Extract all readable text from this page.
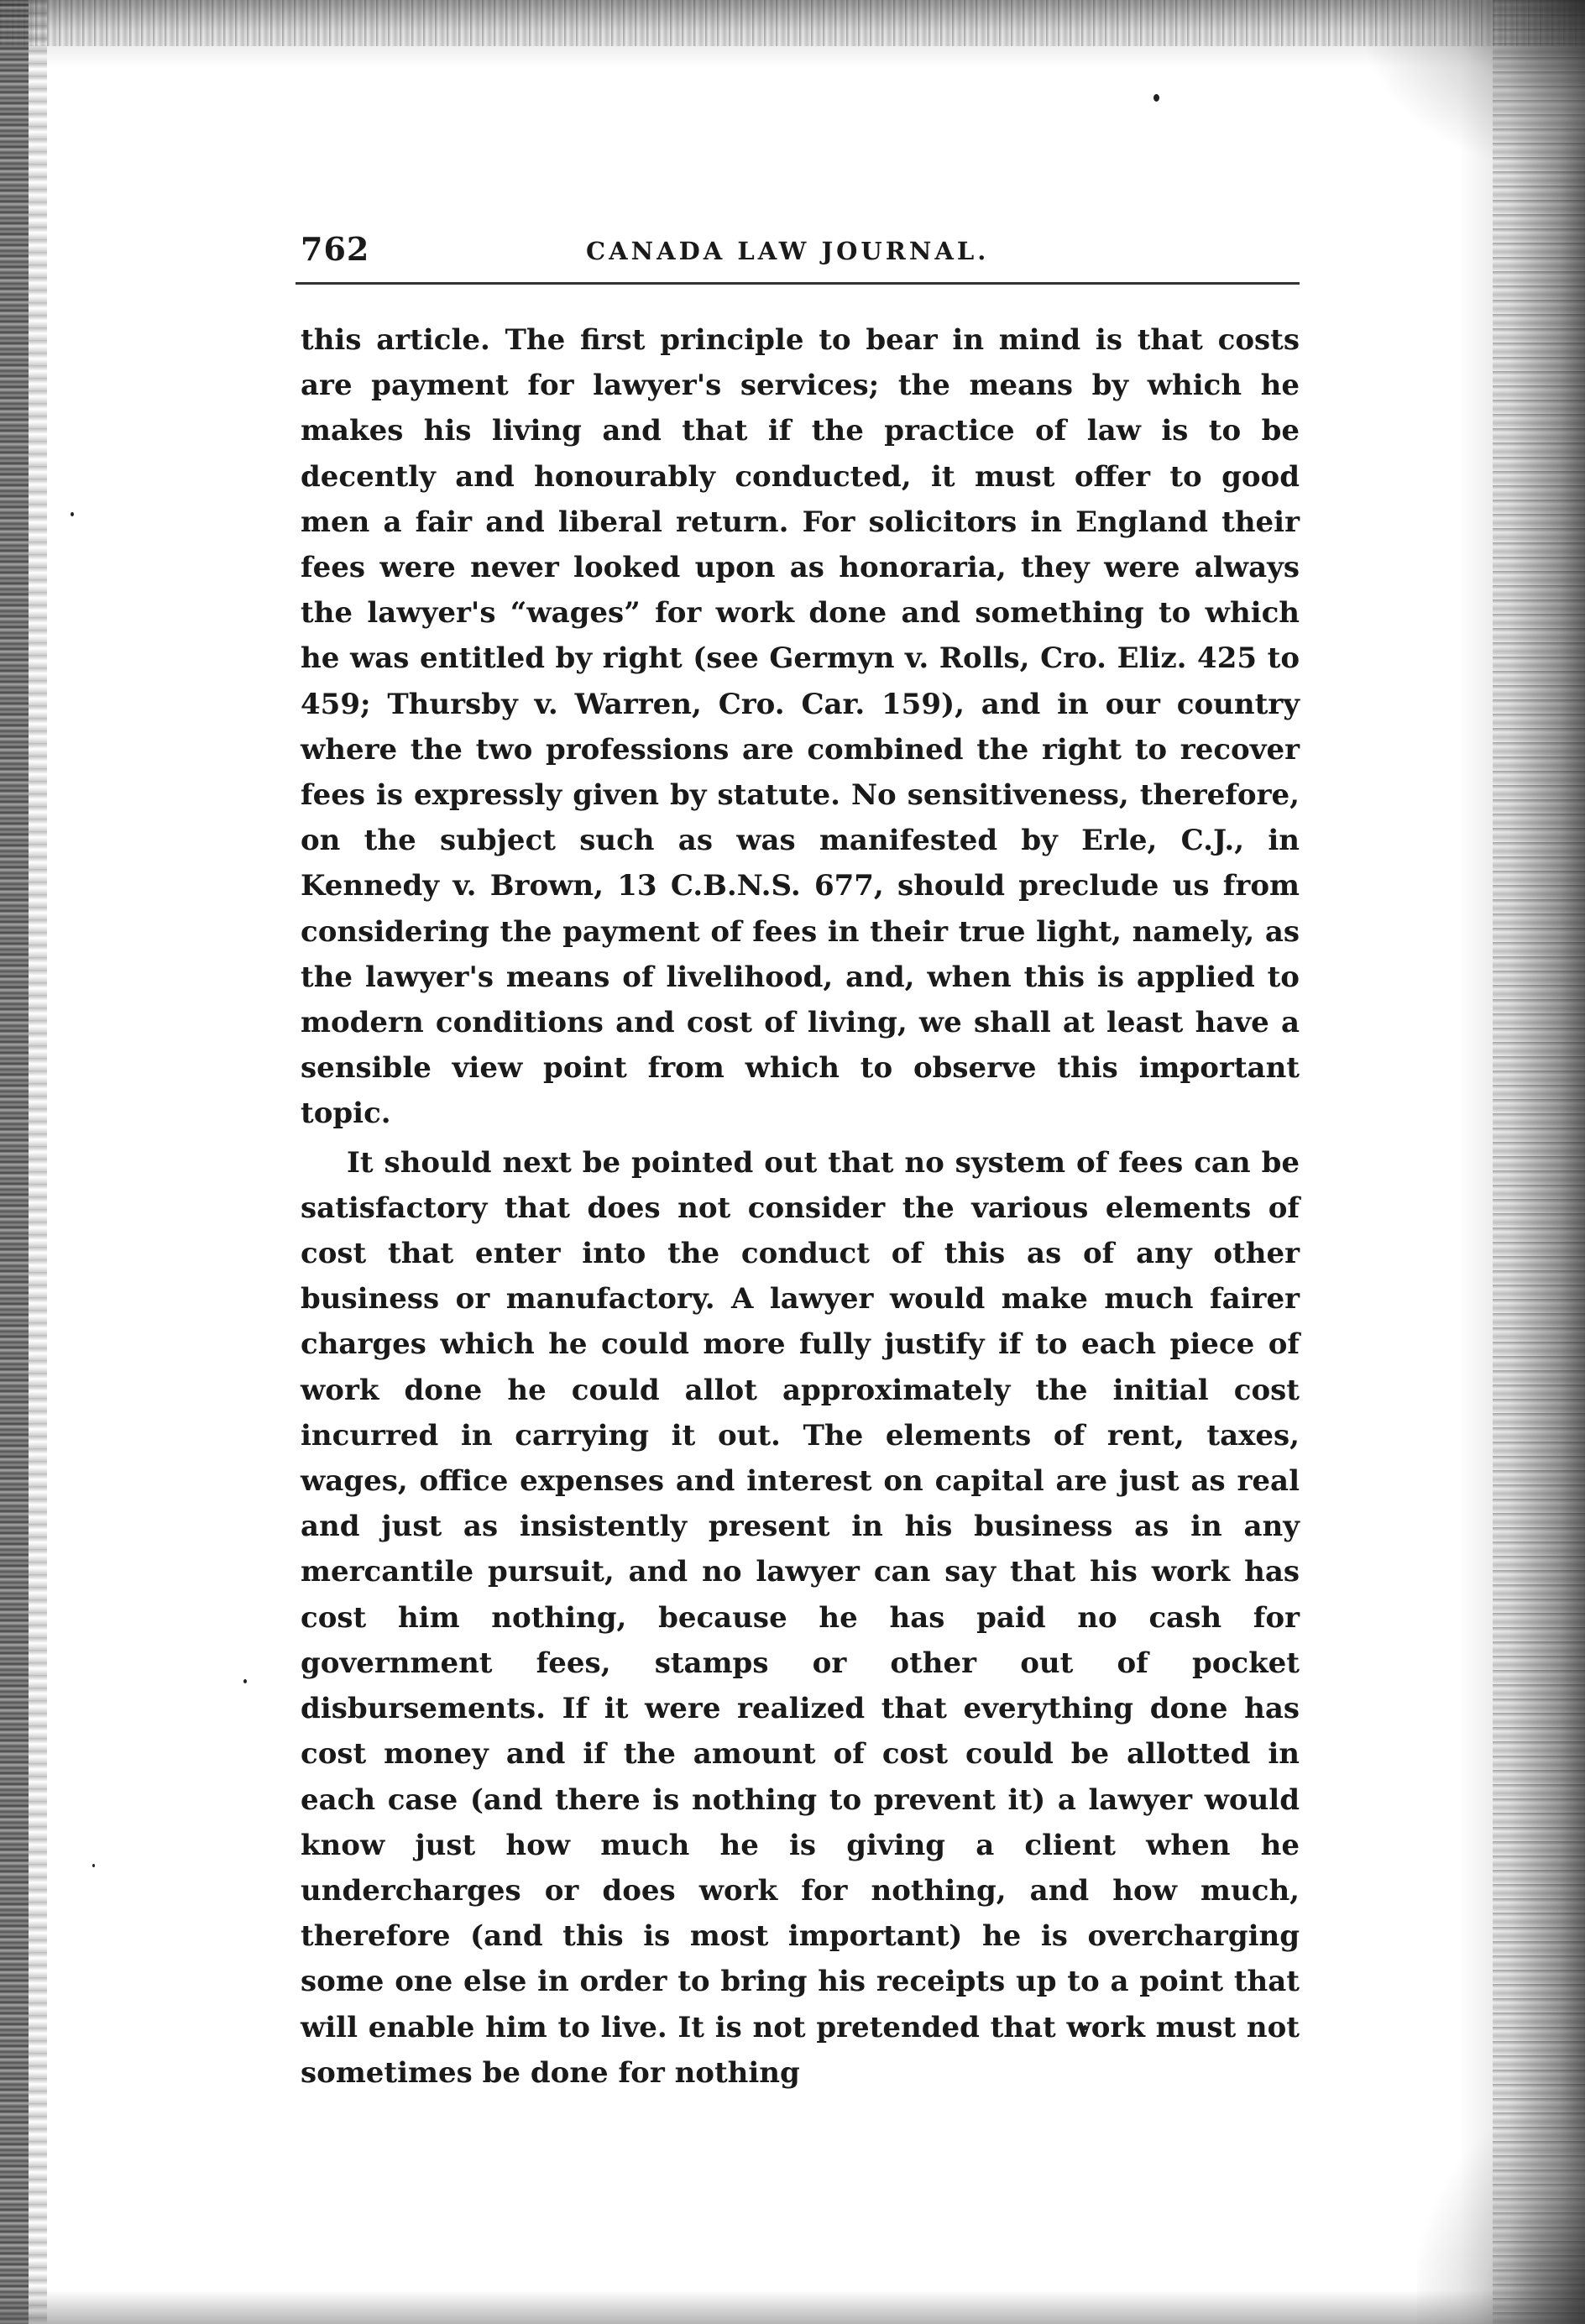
762	CANADA LAW JOURNAL.

this article. The first principle to bear in mind is that costs are payment for lawyer's services; the means by which he makes his living and that if the practice of law is to be decently and honourably conducted, it must offer to good men a fair and liberal return. For solicitors in England their fees were never looked upon as honoraria, they were always the lawyer's “wages” for work done and something to which he was entitled by right (see Germyn v. Rolls, Cro. Eliz. 425 to 459; Thursby v. Warren, Cro. Car. 159), and in our country where the two professions are combined the right to recover fees is expressly given by statute. No sensitiveness, therefore, on the subject such as was manifested by Erle, C.J., in Kennedy v. Brown, 13 C.B.N.S. 677, should preclude us from considering the payment of fees in their true light, namely, as the lawyer's means of livelihood, and, when this is applied to modern conditions and cost of living, we shall at least have a sensible view point from which to observe this important topic.

It should next be pointed out that no system of fees can be satisfactory that does not consider the various elements of cost that enter into the conduct of this as of any other business or manufactory. A lawyer would make much fairer charges which he could more fully justify if to each piece of work done he could allot approximately the initial cost incurred in carrying it out. The elements of rent, taxes, wages, office expenses and interest on capital are just as real and just as insistently present in his business as in any mercantile pursuit, and no lawyer can say that his work has cost him nothing, because he has paid no cash for government fees, stamps or other out of pocket disbursements. If it were realized that everything done has cost money and if the amount of cost could be allotted in each case (and there is nothing to prevent it) a lawyer would know just how much he is giving a client when he undercharges or does work for nothing, and how much, therefore (and this is most important) he is overcharging some one else in order to bring his receipts up to a point that will enable him to live. It is not pretended that work must not sometimes be done for nothing
